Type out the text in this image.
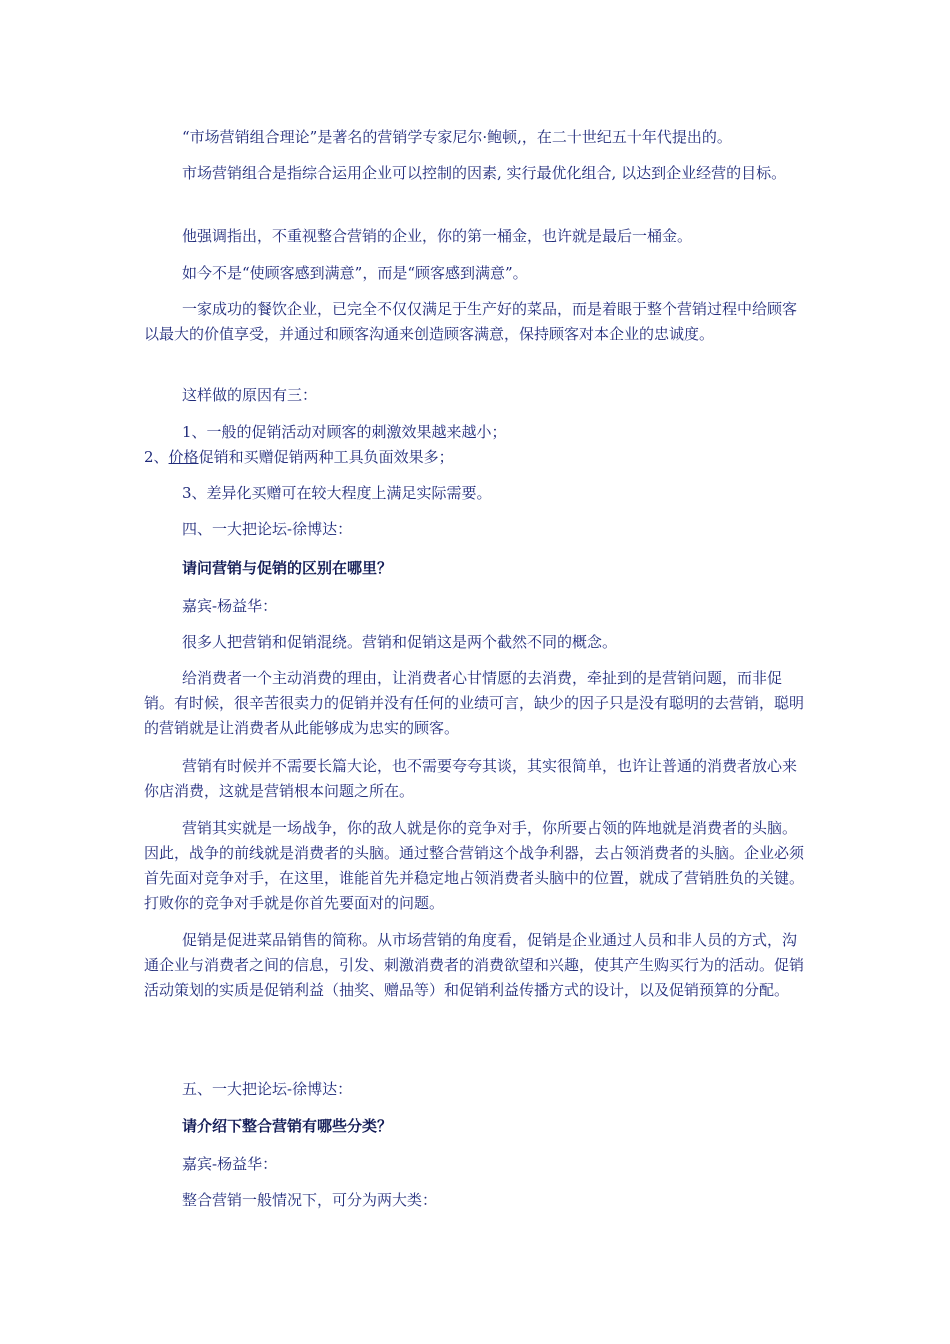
“市场营销组合理论”是著名的营销学专家尼尔·鲍顿,，在二十世纪五十年代提出的。
市场营销组合是指综合运用企业可以控制的因素, 实行最优化组合, 以达到企业经营的目标。
他强调指出，不重视整合营销的企业，你的第一桶金，也许就是最后一桶金。
如今不是“使顾客感到满意”，而是“顾客感到满意”。
一家成功的餐饮企业，已完全不仅仅满足于生产好的菜品，而是着眼于整个营销过程中给顾客以最大的价值享受，并通过和顾客沟通来创造顾客满意，保持顾客对本企业的忠诚度。
这样做的原因有三：
1、一般的促销活动对顾客的刺激效果越来越小；
2、价格促销和买赠促销两种工具负面效果多；
3、差异化买赠可在较大程度上满足实际需要。
四、一大把论坛-徐博达：
请问营销与促销的区别在哪里？
嘉宾-杨益华：
很多人把营销和促销混绕。营销和促销这是两个截然不同的概念。
给消费者一个主动消费的理由，让消费者心甘情愿的去消费，牵扯到的是营销问题，而非促销。有时候，很辛苦很卖力的促销并没有任何的业绩可言，缺少的因子只是没有聪明的去营销，聪明的营销就是让消费者从此能够成为忠实的顾客。
营销有时候并不需要长篇大论，也不需要夸夸其谈，其实很简单，也许让普通的消费者放心来你店消费，这就是营销根本问题之所在。
营销其实就是一场战争，你的敌人就是你的竞争对手，你所要占领的阵地就是消费者的头脑。因此，战争的前线就是消费者的头脑。通过整合营销这个战争利器，去占领消费者的头脑。企业必须首先面对竞争对手，在这里，谁能首先并稳定地占领消费者头脑中的位置，就成了营销胜负的关键。打败你的竞争对手就是你首先要面对的问题。
促销是促进菜品销售的简称。从市场营销的角度看，促销是企业通过人员和非人员的方式，沟通企业与消费者之间的信息，引发、刺激消费者的消费欲望和兴趣，使其产生购买行为的活动。促销活动策划的实质是促销利益（抽奖、赠品等）和促销利益传播方式的设计，以及促销预算的分配。
五、一大把论坛-徐博达：
请介绍下整合营销有哪些分类？
嘉宾-杨益华：
整合营销一般情况下，可分为两大类：
